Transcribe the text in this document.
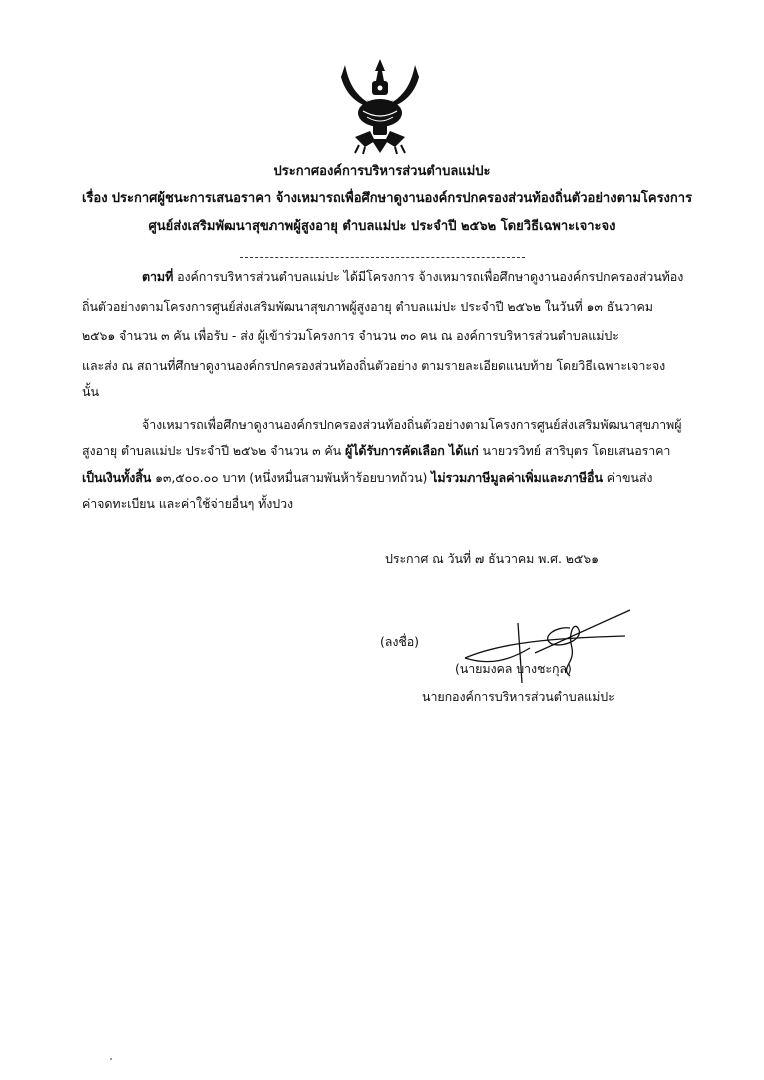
ประกาศองค์การบริหารส่วนตำบลแม่ปะ
เรื่อง ประกาศผู้ชนะการเสนอราคา จ้างเหมารถเพื่อศึกษาดูงานองค์กรปกครองส่วนท้องถิ่นตัวอย่างตามโครงการ
ศูนย์ส่งเสริมพัฒนาสุขภาพผู้สูงอายุ ตำบลแม่ปะ ประจำปี ๒๕๖๒ โดยวิธีเฉพาะเจาะจง
ตามที่ องค์การบริหารส่วนตำบลแม่ปะ ได้มีโครงการ จ้างเหมารถเพื่อศึกษาดูงานองค์กรปกครองส่วนท้อง
ถิ่นตัวอย่างตามโครงการศูนย์ส่งเสริมพัฒนาสุขภาพผู้สูงอายุ ตำบลแม่ปะ ประจำปี ๒๕๖๒ ในวันที่ ๑๓ ธันวาคม
๒๕๖๑ จำนวน ๓ คัน เพื่อรับ - ส่ง ผู้เข้าร่วมโครงการ จำนวน ๓๐ คน ณ องค์การบริหารส่วนตำบลแม่ปะ
และส่ง ณ สถานที่ศึกษาดูงานองค์กรปกครองส่วนท้องถิ่นตัวอย่าง ตามรายละเอียดแนบท้าย โดยวิธีเฉพาะเจาะจง
นั้น
จ้างเหมารถเพื่อศึกษาดูงานองค์กรปกครองส่วนท้องถิ่นตัวอย่างตามโครงการศูนย์ส่งเสริมพัฒนาสุขภาพผู้
สูงอายุ ตำบลแม่ปะ ประจำปี ๒๕๖๒ จำนวน ๓ คัน ผู้ได้รับการคัดเลือก ได้แก่ นายวรวิทย์ สาริบุตร โดยเสนอราคา
เป็นเงินทั้งสิ้น ๑๓,๕๐๐.๐๐ บาท (หนึ่งหมื่นสามพันห้าร้อยบาทถ้วน) ไม่รวมภาษีมูลค่าเพิ่มและภาษีอื่น ค่าขนส่ง
ค่าจดทะเบียน และค่าใช้จ่ายอื่นๆ ทั้งปวง
ประกาศ ณ วันที่ ๗ ธันวาคม พ.ศ. ๒๕๖๑
(ลงชื่อ)
(นายมงคล บางชะกุล)
นายกองค์การบริหารส่วนตำบลแม่ปะ
